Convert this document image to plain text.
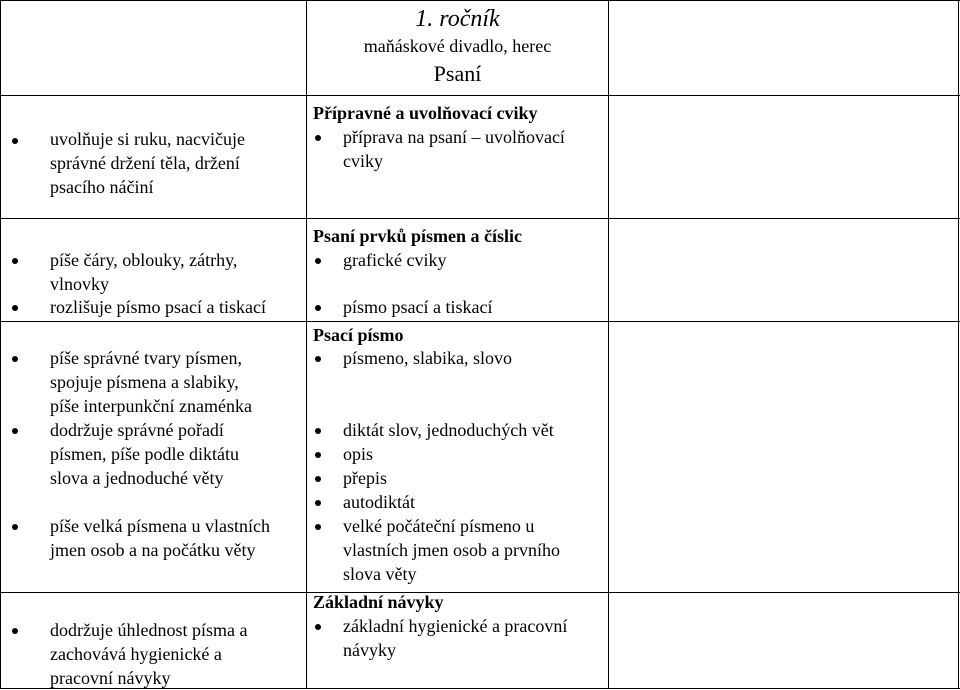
1. ročník
maňáskové divadlo, herec
Psaní
uvolňuje si ruku, nacvičuje
správné držení těla, držení
psacího náčiní
píše čáry, oblouky, zátrhy,
vlnovky
rozlišuje písmo psací a tiskací
píše správné tvary písmen,
spojuje písmena a slabiky,
píše interpunkční znaménka
dodržuje správné pořadí
písmen, píše podle diktátu
slova a jednoduché věty
píše velká písmena u vlastních
jmen osob a na počátku věty
dodržuje úhlednost písma a
zachovává hygienické a
pracovní návyky
Přípravné a uvolňovací cviky
příprava na psaní – uvolňovací
cviky
Psaní prvků písmen a číslic
grafické cviky
písmo psací a tiskací
Psací písmo
písmeno, slabika, slovo
diktát slov, jednoduchých vět
opis
přepis
autodiktát
velké počáteční písmeno u
vlastních jmen osob a prvního
slova věty
Základní návyky
základní hygienické a pracovní
návyky
